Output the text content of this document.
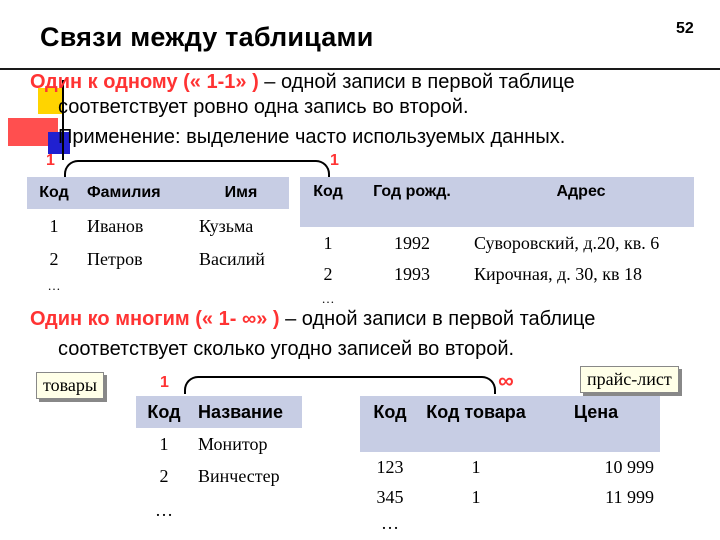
Связи между таблицами	52
Один к одному (« 1-1» ) – одной записи в первой таблице
соответствует ровно одна запись во второй.
Применение: выделение часто используемых данных.
1	1
Код	Фамилия	Имя
1	Иванов	Кузьма
2	Петров	Василий
…		
Код	Год рожд.	Адрес
1	1992	Суворовский, д.20, кв. 6
2	1993	Кирочная, д. 30, кв 18
…		
Один ко многим (« 1- ∞» ) – одной записи в первой таблице
соответствует сколько угодно записей во второй.
товары	прайс-лист
1	∞
Код	Название
1	Монитор
2	Винчестер
…	
Код	Код товара	Цена
123	1	10 999
345	1	11 999
…		
